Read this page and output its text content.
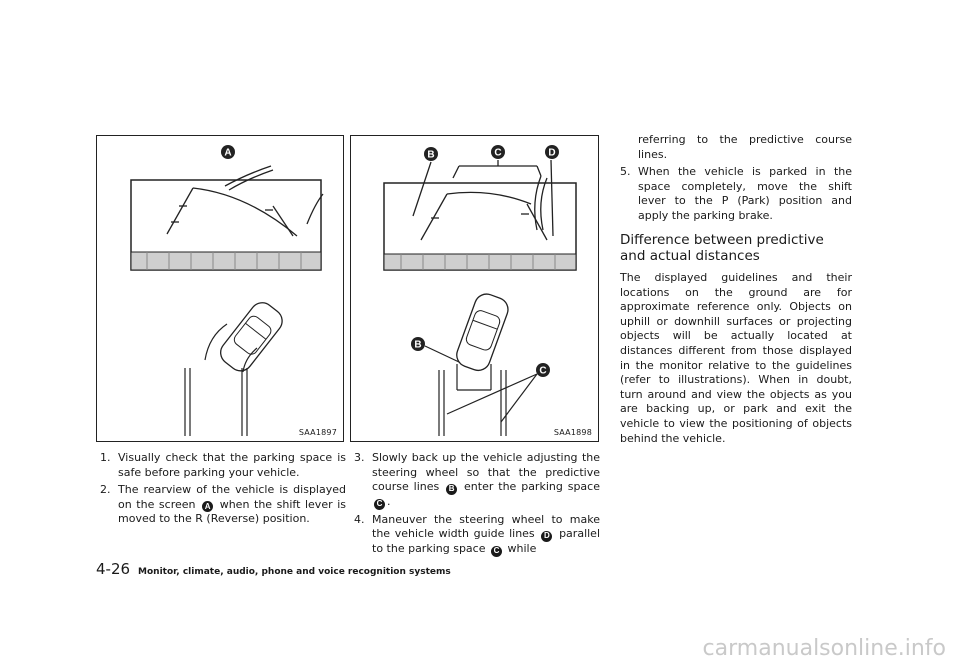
A
SAA1897
B	C	D
B
C
SAA1898
1. Visually check that the parking space is safe before parking your vehicle.
2. The rearview of the vehicle is displayed on the screen A when the shift lever is moved to the R (Reverse) position.
3. Slowly back up the vehicle adjusting the steering wheel so that the predictive course lines B enter the parking space C .
4. Maneuver the steering wheel to make the vehicle width guide lines D parallel to the parking space C while
referring to the predictive course lines.
5. When the vehicle is parked in the space completely, move the shift lever to the P (Park) position and apply the parking brake.
Difference between predictive and actual distances
The displayed guidelines and their locations on the ground are for approximate reference only. Objects on uphill or downhill surfaces or projecting objects will be actually located at distances different from those displayed in the monitor relative to the guidelines (refer to illustrations). When in doubt, turn around and view the objects as you are backing up, or park and exit the vehicle to view the positioning of objects behind the vehicle.
4-26 Monitor, climate, audio, phone and voice recognition systems
carmanualsonline.info
